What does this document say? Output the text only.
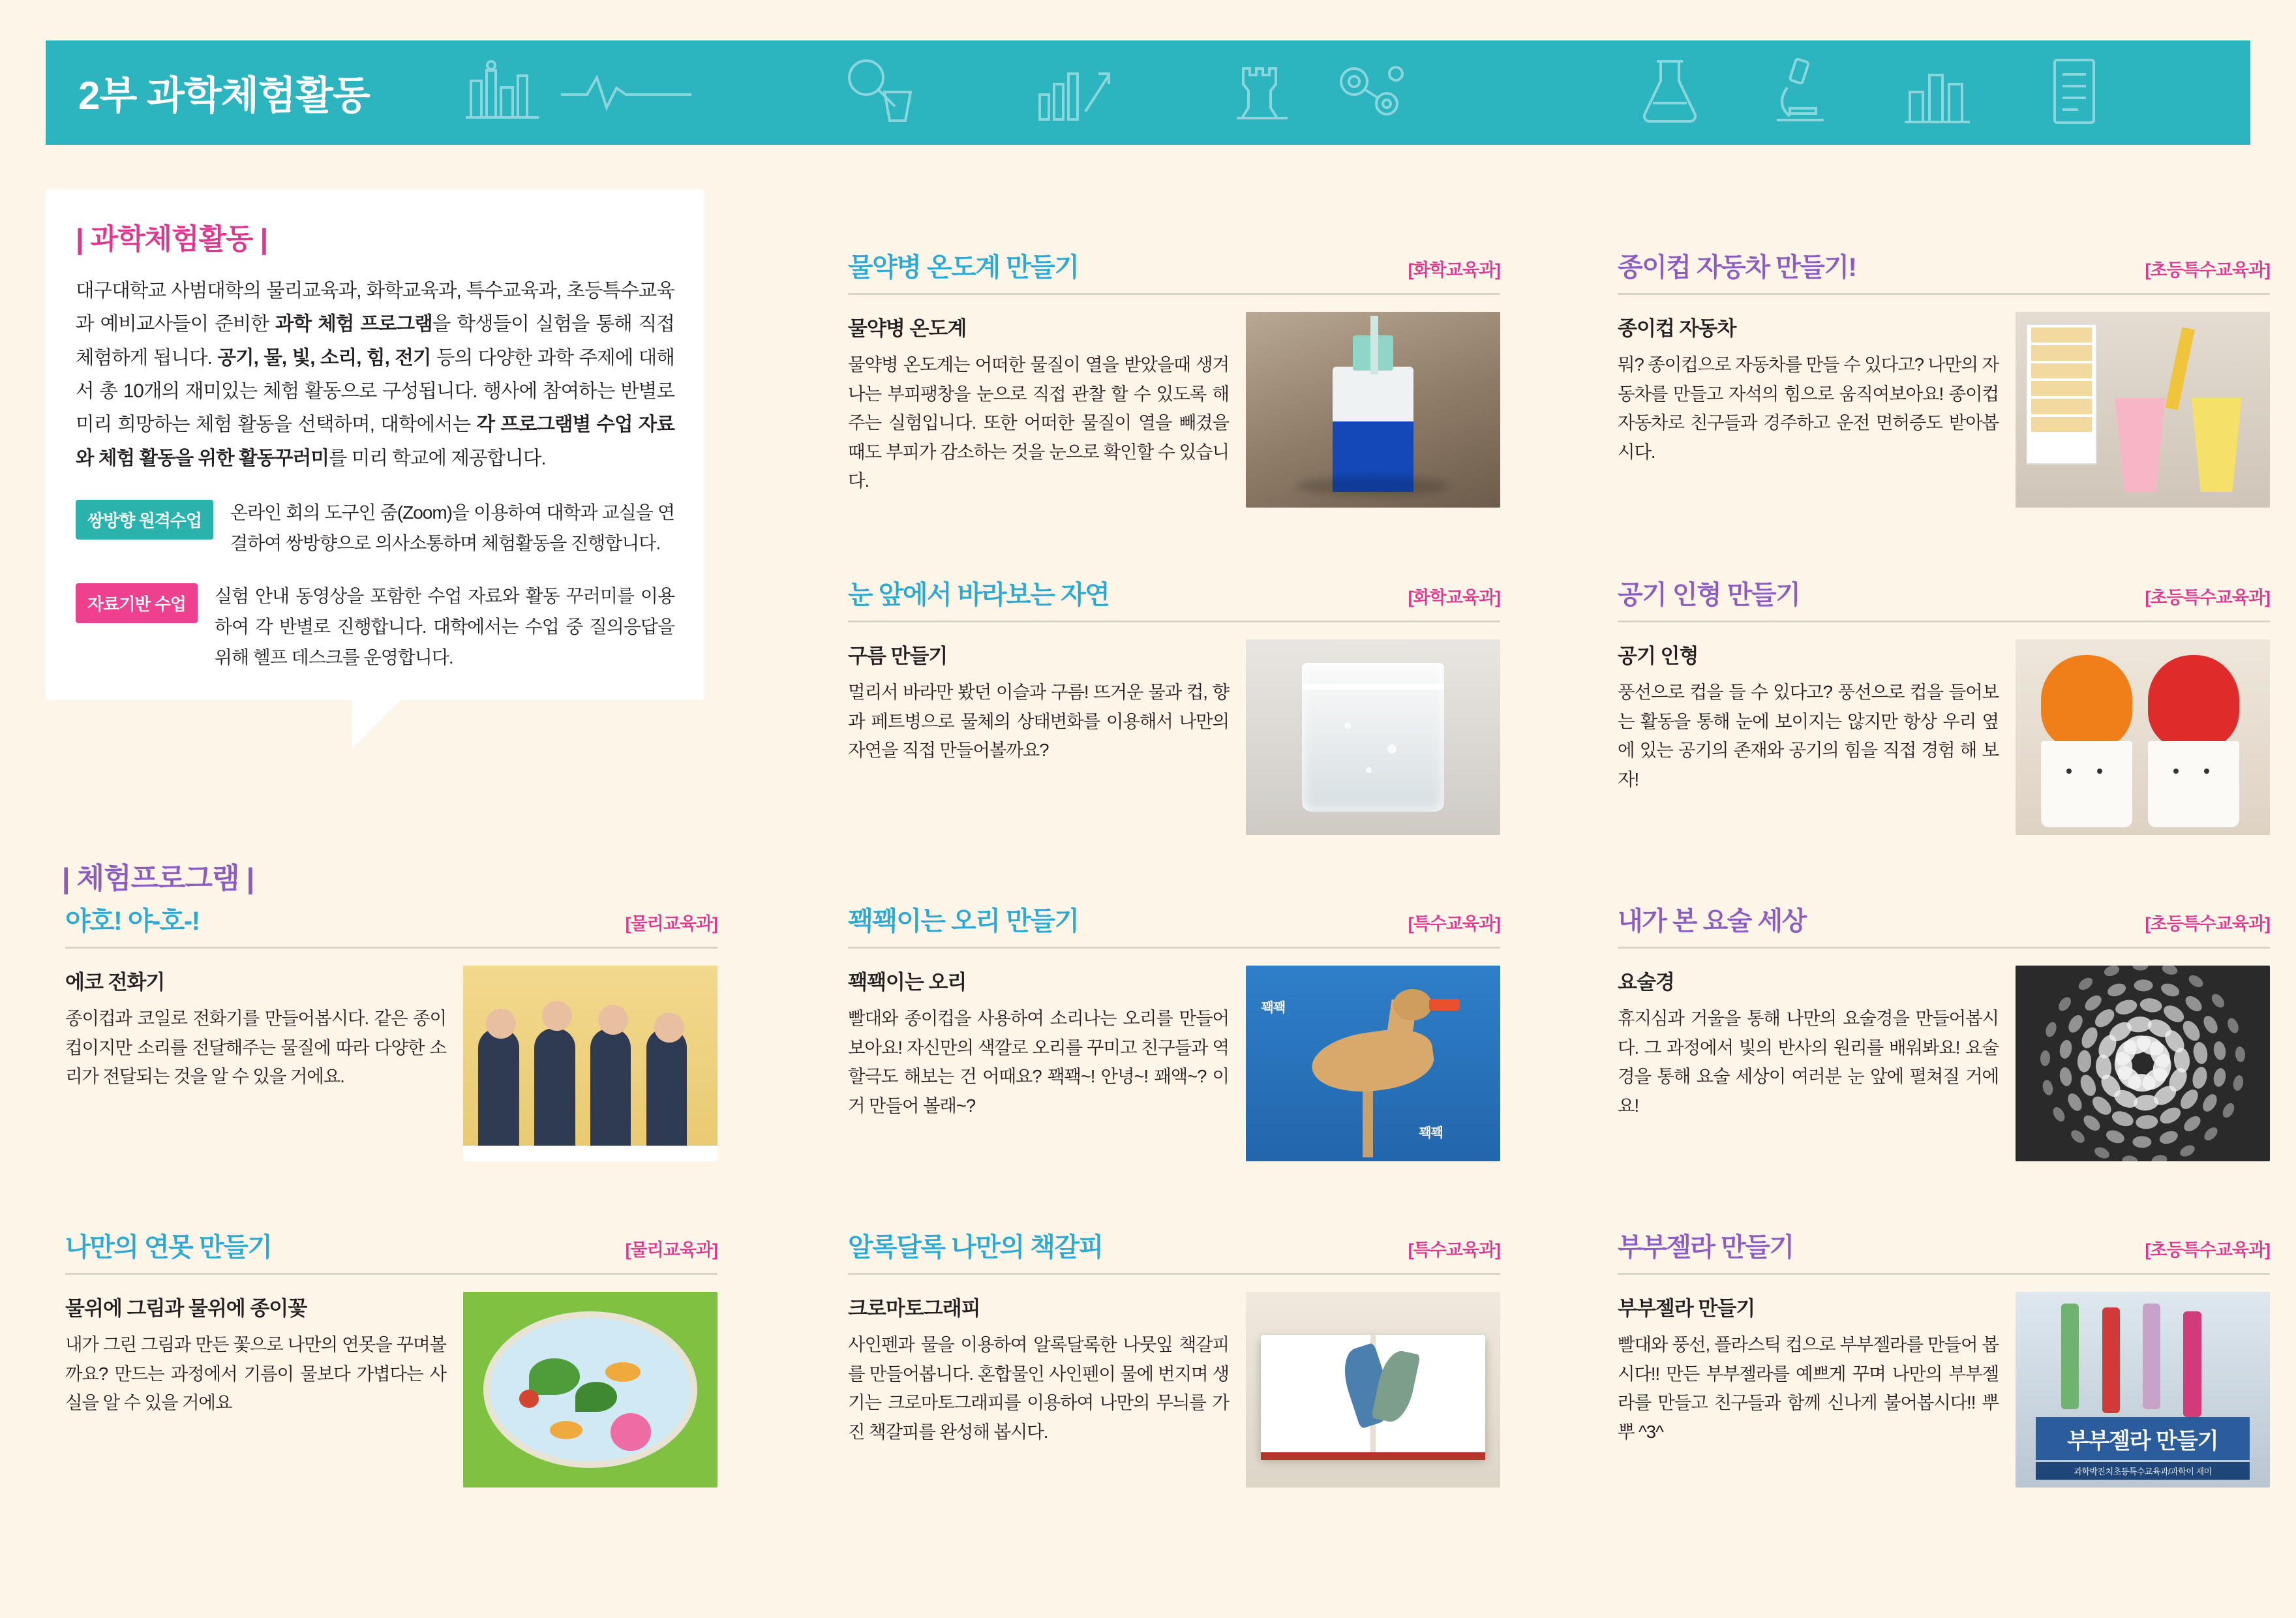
2부 과학체험활동
| 과학체험활동 |
대구대학교 사범대학의 물리교육과, 화학교육과, 특수교육과, 초등특수교육과 예비교사들이 준비한 과학 체험 프로그램을 학생들이 실험을 통해 직접 체험하게 됩니다. 공기, 물, 빛, 소리, 힘, 전기 등의 다양한 과학 주제에 대해서 총 10개의 재미있는 체험 활동으로 구성됩니다. 행사에 참여하는 반별로 미리 희망하는 체험 활동을 선택하며, 대학에서는 각 프로그램별 수업 자료와 체험 활동을 위한 활동꾸러미를 미리 학교에 제공합니다.
쌍방향 원격수업	온라인 회의 도구인 줌(Zoom)을 이용하여 대학과 교실을 연결하여 쌍방향으로 의사소통하며 체험활동을 진행합니다.
자료기반 수업	실험 안내 동영상을 포함한 수업 자료와 활동 꾸러미를 이용하여 각 반별로 진행합니다. 대학에서는 수업 중 질의응답을 위해 헬프 데스크를 운영합니다.
| 체험프로그램 |
물약병 온도계 만들기	[화학교육과]
물약병 온도계
물약병 온도계는 어떠한 물질이 열을 받았을때 생겨나는 부피팽창을 눈으로 직접 관찰 할 수 있도록 해주는 실험입니다. 또한 어떠한 물질이 열을 빼겼을 때도 부피가 감소하는 것을 눈으로 확인할 수 있습니다.
눈 앞에서 바라보는 자연	[화학교육과]
구름 만들기
멀리서 바라만 봤던 이슬과 구름! 뜨거운 물과 컵, 향과 페트병으로 물체의 상태변화를 이용해서 나만의 자연을 직접 만들어볼까요?
종이컵 자동차 만들기!	[초등특수교육과]
종이컵 자동차
뭐? 종이컵으로 자동차를 만들 수 있다고? 나만의 자동차를 만들고 자석의 힘으로 움직여보아요! 종이컵 자동차로 친구들과 경주하고 운전 면허증도 받아봅시다.
공기 인형 만들기	[초등특수교육과]
공기 인형
풍선으로 컵을 들 수 있다고? 풍선으로 컵을 들어보는 활동을 통해 눈에 보이지는 않지만 항상 우리 옆에 있는 공기의 존재와 공기의 힘을 직접 경험 해 보자!
야호! 야-호-!	[물리교육과]
에코 전화기
종이컵과 코일로 전화기를 만들어봅시다. 같은 종이컵이지만 소리를 전달해주는 물질에 따라 다양한 소리가 전달되는 것을 알 수 있을 거에요.
꽥꽥이는 오리 만들기	[특수교육과]
꽥꽥이는 오리
빨대와 종이컵을 사용하여 소리나는 오리를 만들어 보아요! 자신만의 색깔로 오리를 꾸미고 친구들과 역할극도 해보는 건 어때요? 꽥꽥~! 안녕~! 꽤액~? 이거 만들어 볼래~?
꽥꽥
꽥꽥
내가 본 요술 세상	[초등특수교육과]
요술경
휴지심과 거울을 통해 나만의 요술경을 만들어봅시다. 그 과정에서 빛의 반사의 원리를 배워봐요! 요술경을 통해 요술 세상이 여러분 눈 앞에 펼쳐질 거에요!
나만의 연못 만들기	[물리교육과]
물위에 그림과 물위에 종이꽃
내가 그린 그림과 만든 꽃으로 나만의 연못을 꾸며볼까요? 만드는 과정에서 기름이 물보다 가볍다는 사실을 알 수 있을 거에요
알록달록 나만의 책갈피	[특수교육과]
크로마토그래피
사인펜과 물을 이용하여 알록달록한 나뭇잎 책갈피를 만들어봅니다. 혼합물인 사인펜이 물에 번지며 생기는 크로마토그래피를 이용하여 나만의 무늬를 가진 책갈피를 완성해 봅시다.
부부젤라 만들기	[초등특수교육과]
부부젤라 만들기
빨대와 풍선, 플라스틱 컵으로 부부젤라를 만들어 봅시다!! 만든 부부젤라를 예쁘게 꾸며 나만의 부부젤라를 만들고 친구들과 함께 신나게 불어봅시다!! 뿌뿌 ^3^	부부젤라 만들기
과학박진치초등특수교육과/과학이 재미
